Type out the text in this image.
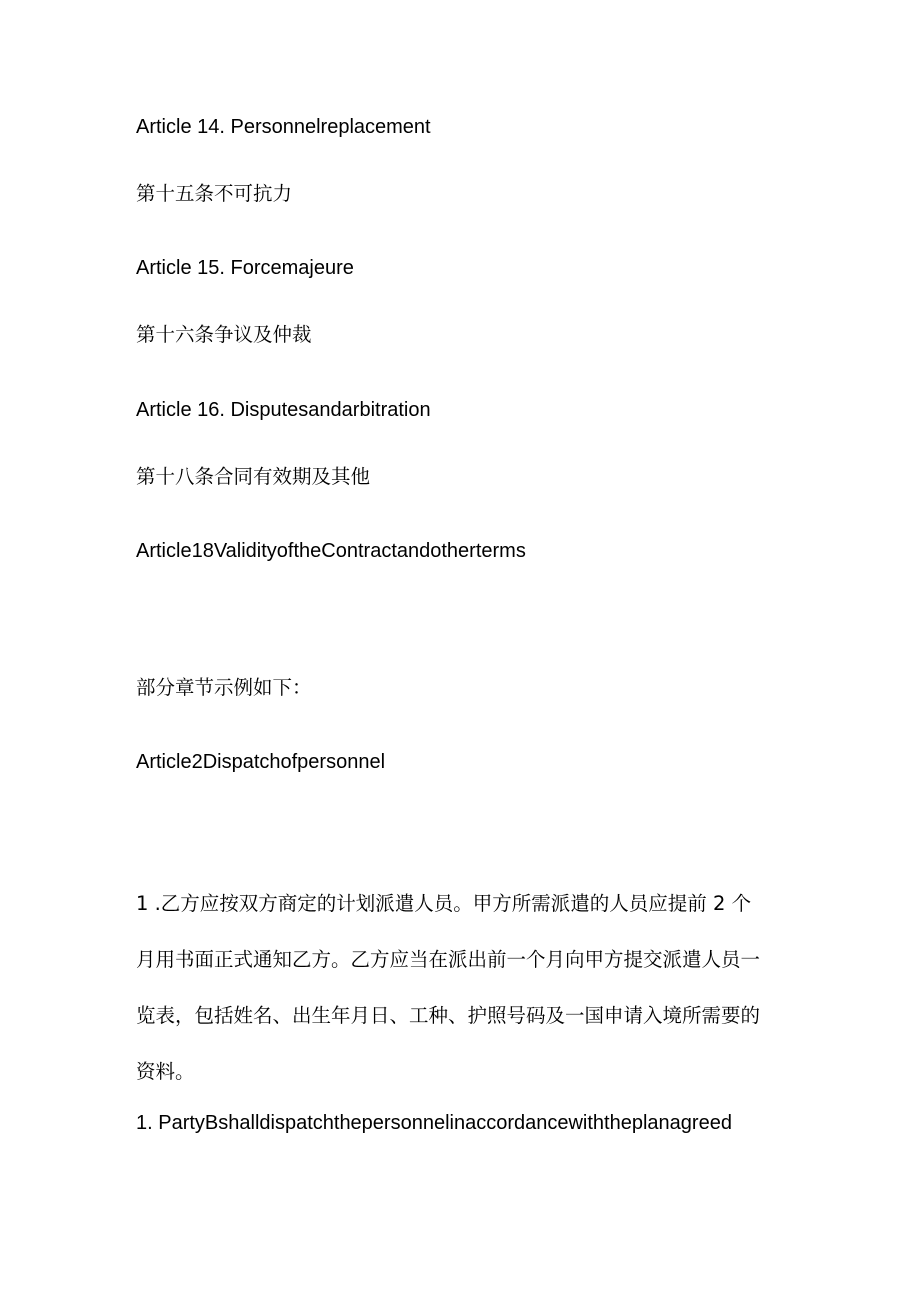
Article 14. Personnelreplacement

第十五条不可抗力

Article 15. Forcemajeure

第十六条争议及仲裁

Article 16. Disputesandarbitration

第十八条合同有效期及其他

Article18ValidityoftheContractandotherterms

部分章节示例如下：

Article2Dispatchofpersonnel

1 .乙方应按双方商定的计划派遣人员。甲方所需派遣的人员应提前 2 个
月用书面正式通知乙方。乙方应当在派出前一个月向甲方提交派遣人员一
览表，包括姓名、出生年月日、工种、护照号码及一国申请入境所需要的
资料。

1. PartyBshalldispatchthepersonnelinaccordancewiththeplanagreed
